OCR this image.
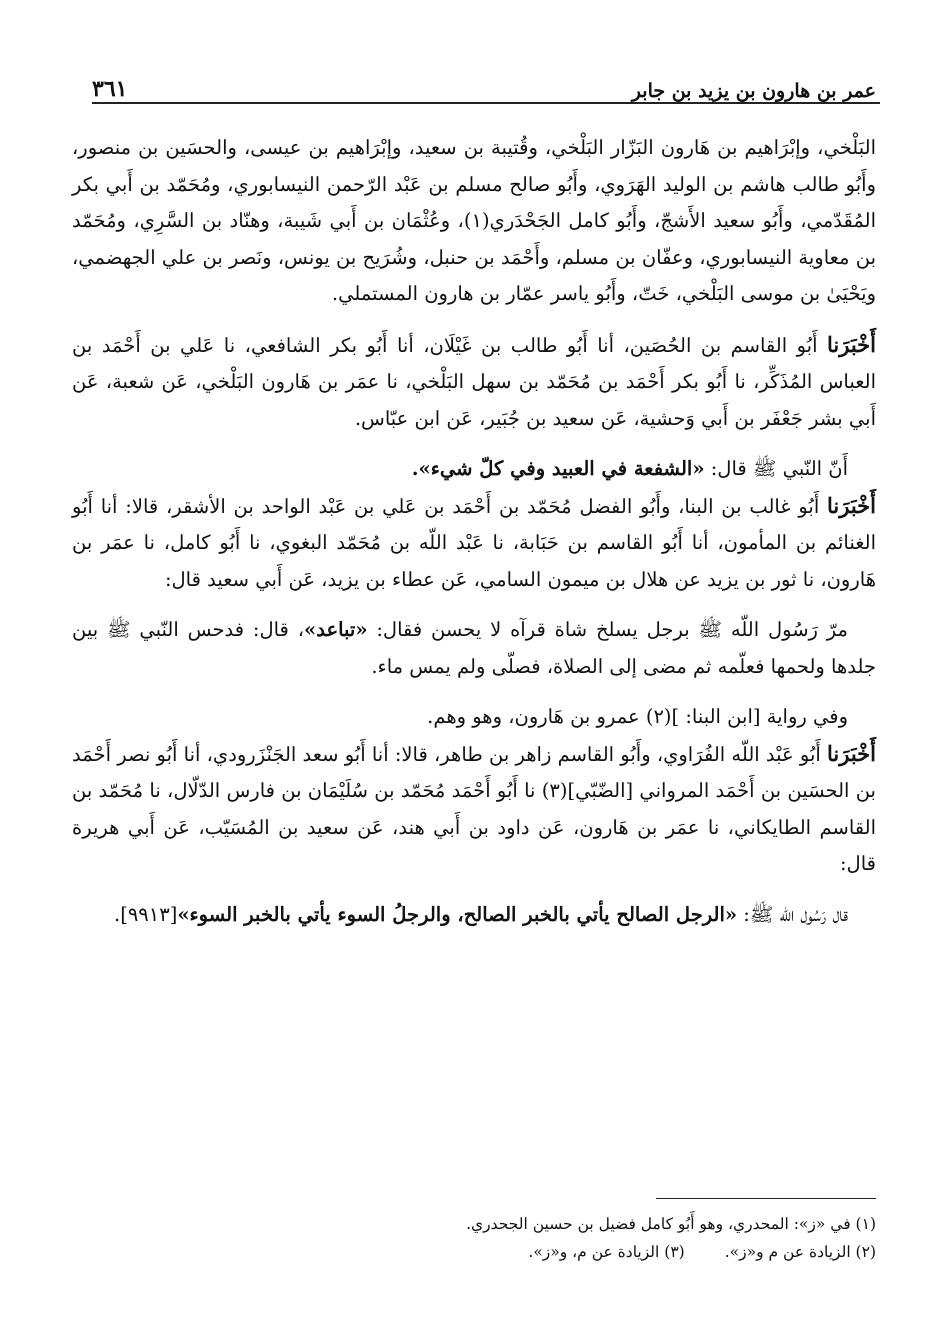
٣٦١	عمر بن هارون بن يزيد بن جابر

البَلْخي، وإبْرَاهيم بن هَارون البَزّار البَلْخي، وقُتيبة بن سعيد، وإبْرَاهيم بن عيسى، والحسَين بن منصور، وأَبُو طالب هاشم بن الوليد الهَرَوي، وأَبُو صالح مسلم بن عَبْد الرّحمن النيسابوري، ومُحَمّد بن أَبي بكر المُقَدّمي، وأَبُو سعيد الأَشجّ، وأَبُو كامل الجَحْدَري(١)، وعُثْمَان بن أَبي شَيبة، وهنّاد بن السَّرِي، ومُحَمّد بن معاوية النيسابوري، وعفّان بن مسلم، وأَحْمَد بن حنبل، وشُرَيح بن يونس، ونَصر بن علي الجهضمي، ويَحْيَىٰ بن موسى البَلْخي، خَتّ، وأَبُو ياسر عمّار بن هارون المستملي.

أَخْبَرَنا أَبُو القاسم بن الحُصَين، أنا أَبُو طالب بن غَيْلَان، أنا أَبُو بكر الشافعي، نا عَلي بن أَحْمَد بن العباس المُذَكِّر، نا أَبُو بكر أَحْمَد بن مُحَمّد بن سهل البَلْخي، نا عمَر بن هَارون البَلْخي، عَن شعبة، عَن أَبي بشر جَعْفَر بن أَبي وَحشية، عَن سعيد بن جُبَير، عَن ابن عبّاس.

أَنّ النّبي ﷺ قال: «الشفعة في العبيد وفي كلّ شيء».

أَخْبَرَنا أَبُو غالب بن البنا، وأَبُو الفضل مُحَمّد بن أَحْمَد بن عَلي بن عَبْد الواحد بن الأشقر، قالا: أنا أَبُو الغنائم بن المأمون، أنا أَبُو القاسم بن حَبَابة، نا عَبْد اللّه بن مُحَمّد البغوي، نا أَبُو كامل، نا عمَر بن هَارون، نا ثور بن يزيد عن هلال بن ميمون السامي، عَن عطاء بن يزيد، عَن أَبي سعيد قال:

مرّ رَسُول اللّه ﷺ برجل يسلخ شاة قرآه لا يحسن فقال: «تباعد»، قال: فدحس النّبي ﷺ بين جلدها ولحمها فعلّمه ثم مضى إلى الصلاة، فصلّى ولم يمس ماء.

وفي رواية [ابن البنا: ](٢) عمرو بن هَارون، وهو وهم.

أَخْبَرَنا أَبُو عَبْد اللّه الفُرَاوي، وأَبُو القاسم زاهر بن طاهر، قالا: أنا أَبُو سعد الجَنْزَرودي، أنا أَبُو نصر أَحْمَد بن الحسَين بن أَحْمَد المرواني [الضّبّي](٣) نا أَبُو أَحْمَد مُحَمّد بن سُلَيْمَان بن فارس الدّلّال، نا مُحَمّد بن القاسم الطايكاني، نا عمَر بن هَارون، عَن داود بن أَبي هند، عَن سعيد بن المُسَيّب، عَن أَبي هريرة قال:

قال رَسُول اللّه ﷺ: «الرجل الصالح يأتي بالخبر الصالح، والرجلُ السوء يأتي بالخبر السوء»[٩٩١٣].

(١) في «ز»: المحدري، وهو أَبُو كامل فضيل بن حسين الجحدري.

(٢) الزيادة عن م و«ز».
(٣) الزيادة عن م، و«ز».
